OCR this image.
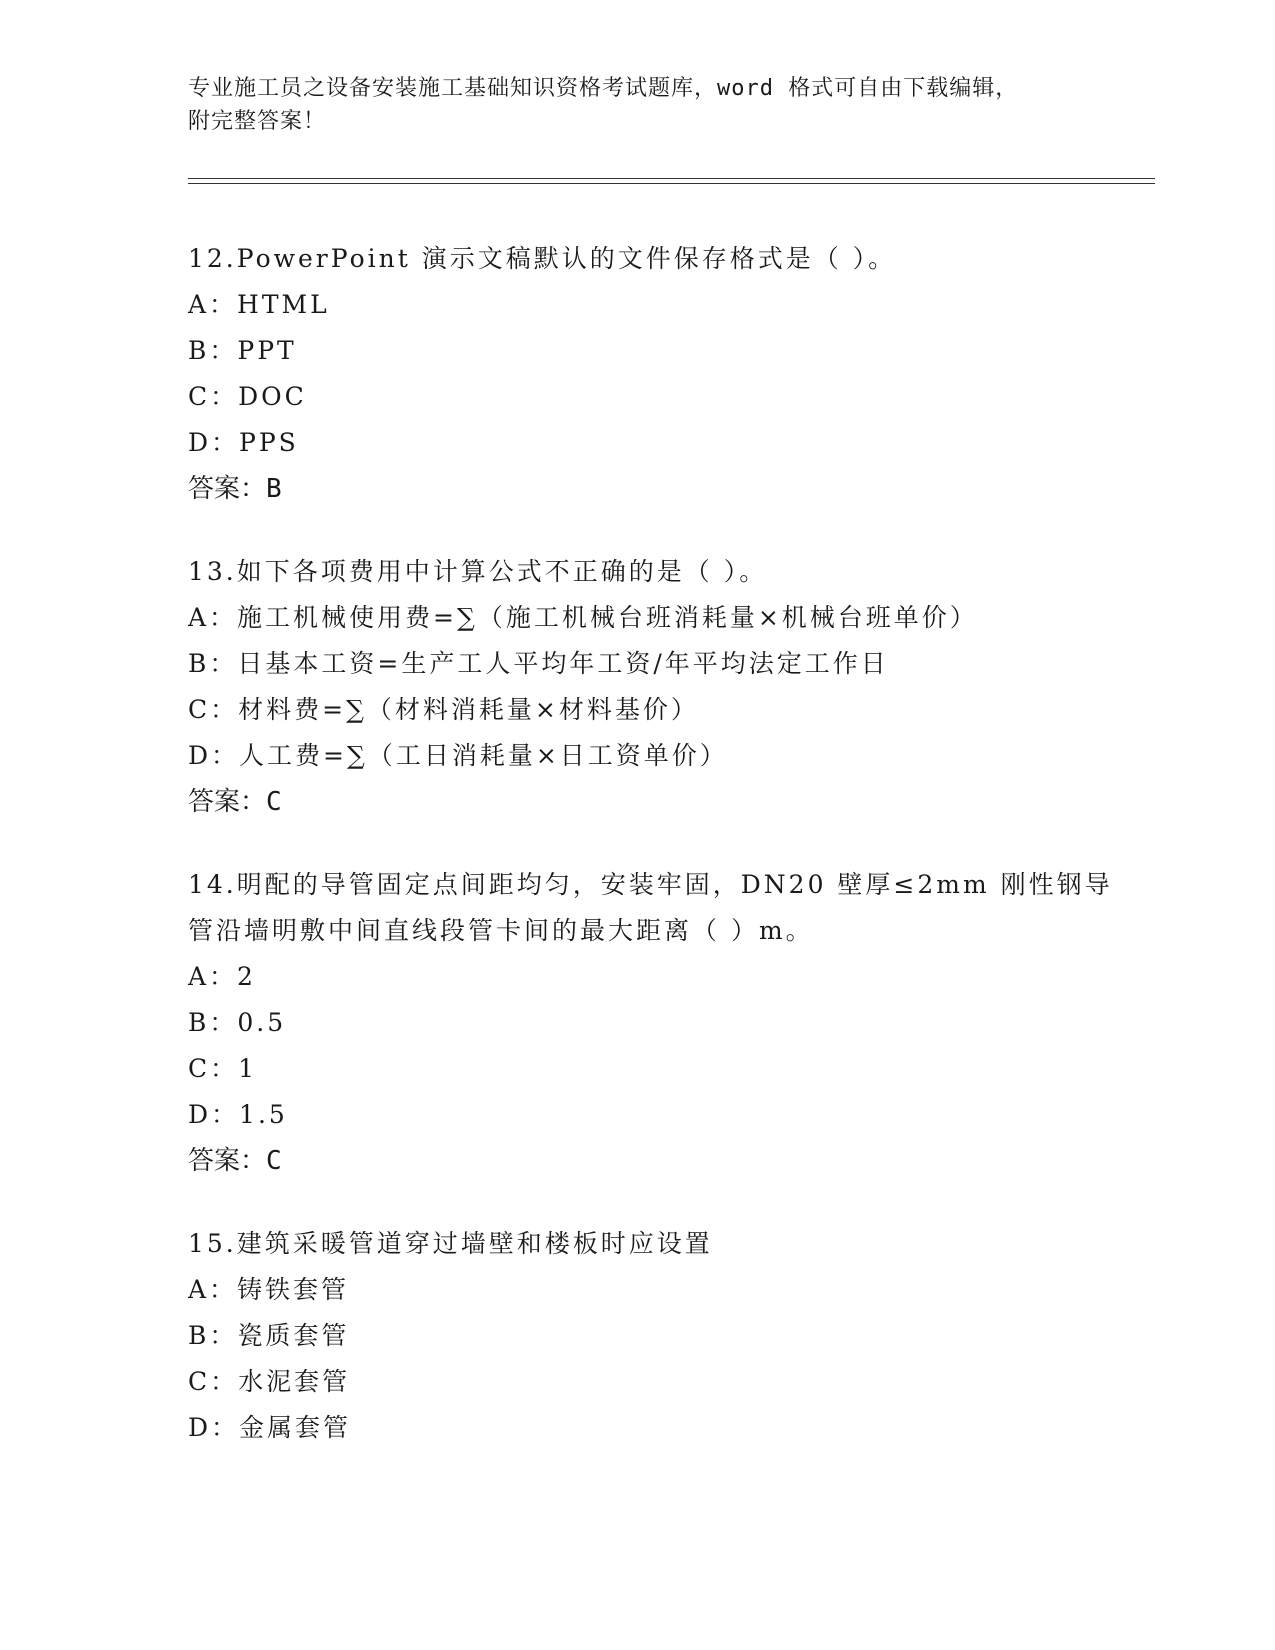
专业施工员之设备安装施工基础知识资格考试题库，word 格式可自由下载编辑，
附完整答案！
12.PowerPoint 演示文稿默认的文件保存格式是（ ）。
A：HTML
B：PPT
C：DOC
D：PPS
答案：B
13.如下各项费用中计算公式不正确的是（ ）。
A：施工机械使用费=∑（施工机械台班消耗量×机械台班单价）
B：日基本工资=生产工人平均年工资/年平均法定工作日
C：材料费=∑（材料消耗量×材料基价）
D：人工费=∑（工日消耗量×日工资单价）
答案：C
14.明配的导管固定点间距均匀，安装牢固，DN20 壁厚≤2mm 刚性钢导
管沿墙明敷中间直线段管卡间的最大距离（ ）m。
A：2
B：0.5
C：1
D：1.5
答案：C
15.建筑采暖管道穿过墙壁和楼板时应设置
A：铸铁套管
B：瓷质套管
C：水泥套管
D：金属套管
